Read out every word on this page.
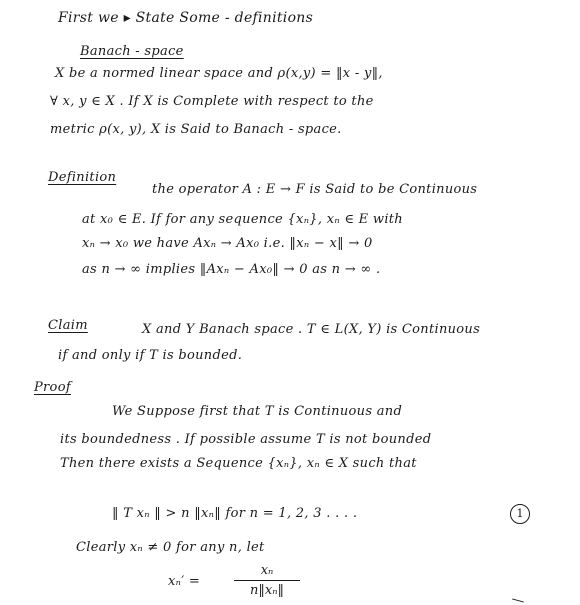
First we ▸ State Some - definitions
Banach - space
X be a normed linear space and ρ(x,y) = ‖x - y‖,
∀ x, y ∈ X . If X is Complete with respect to the
metric ρ(x, y), X is Said to Banach - space.
Definition
the operator A : E → F is Said to be Continuous
at x₀ ∈ E. If for any sequence {xₙ}, xₙ ∈ E with
xₙ → x₀ we have Axₙ → Ax₀ i.e. ‖xₙ − x‖ → 0
as n → ∞ implies ‖Axₙ − Ax₀‖ → 0 as n → ∞ .
Claim	X and Y Banach space . T ∈ L(X, Y) is Continuous
if and only if T is bounded.
Proof
We Suppose first that T is Continuous and
its boundedness . If possible assume T is not bounded
Then there exists a Sequence {xₙ}, xₙ ∈ X such that
‖ T xₙ ‖ > n ‖xₙ‖ for n = 1, 2, 3 . . . .	1
Clearly xₙ ≠ 0 for any n, let
xₙ′ =
xₙ
n‖xₙ‖
